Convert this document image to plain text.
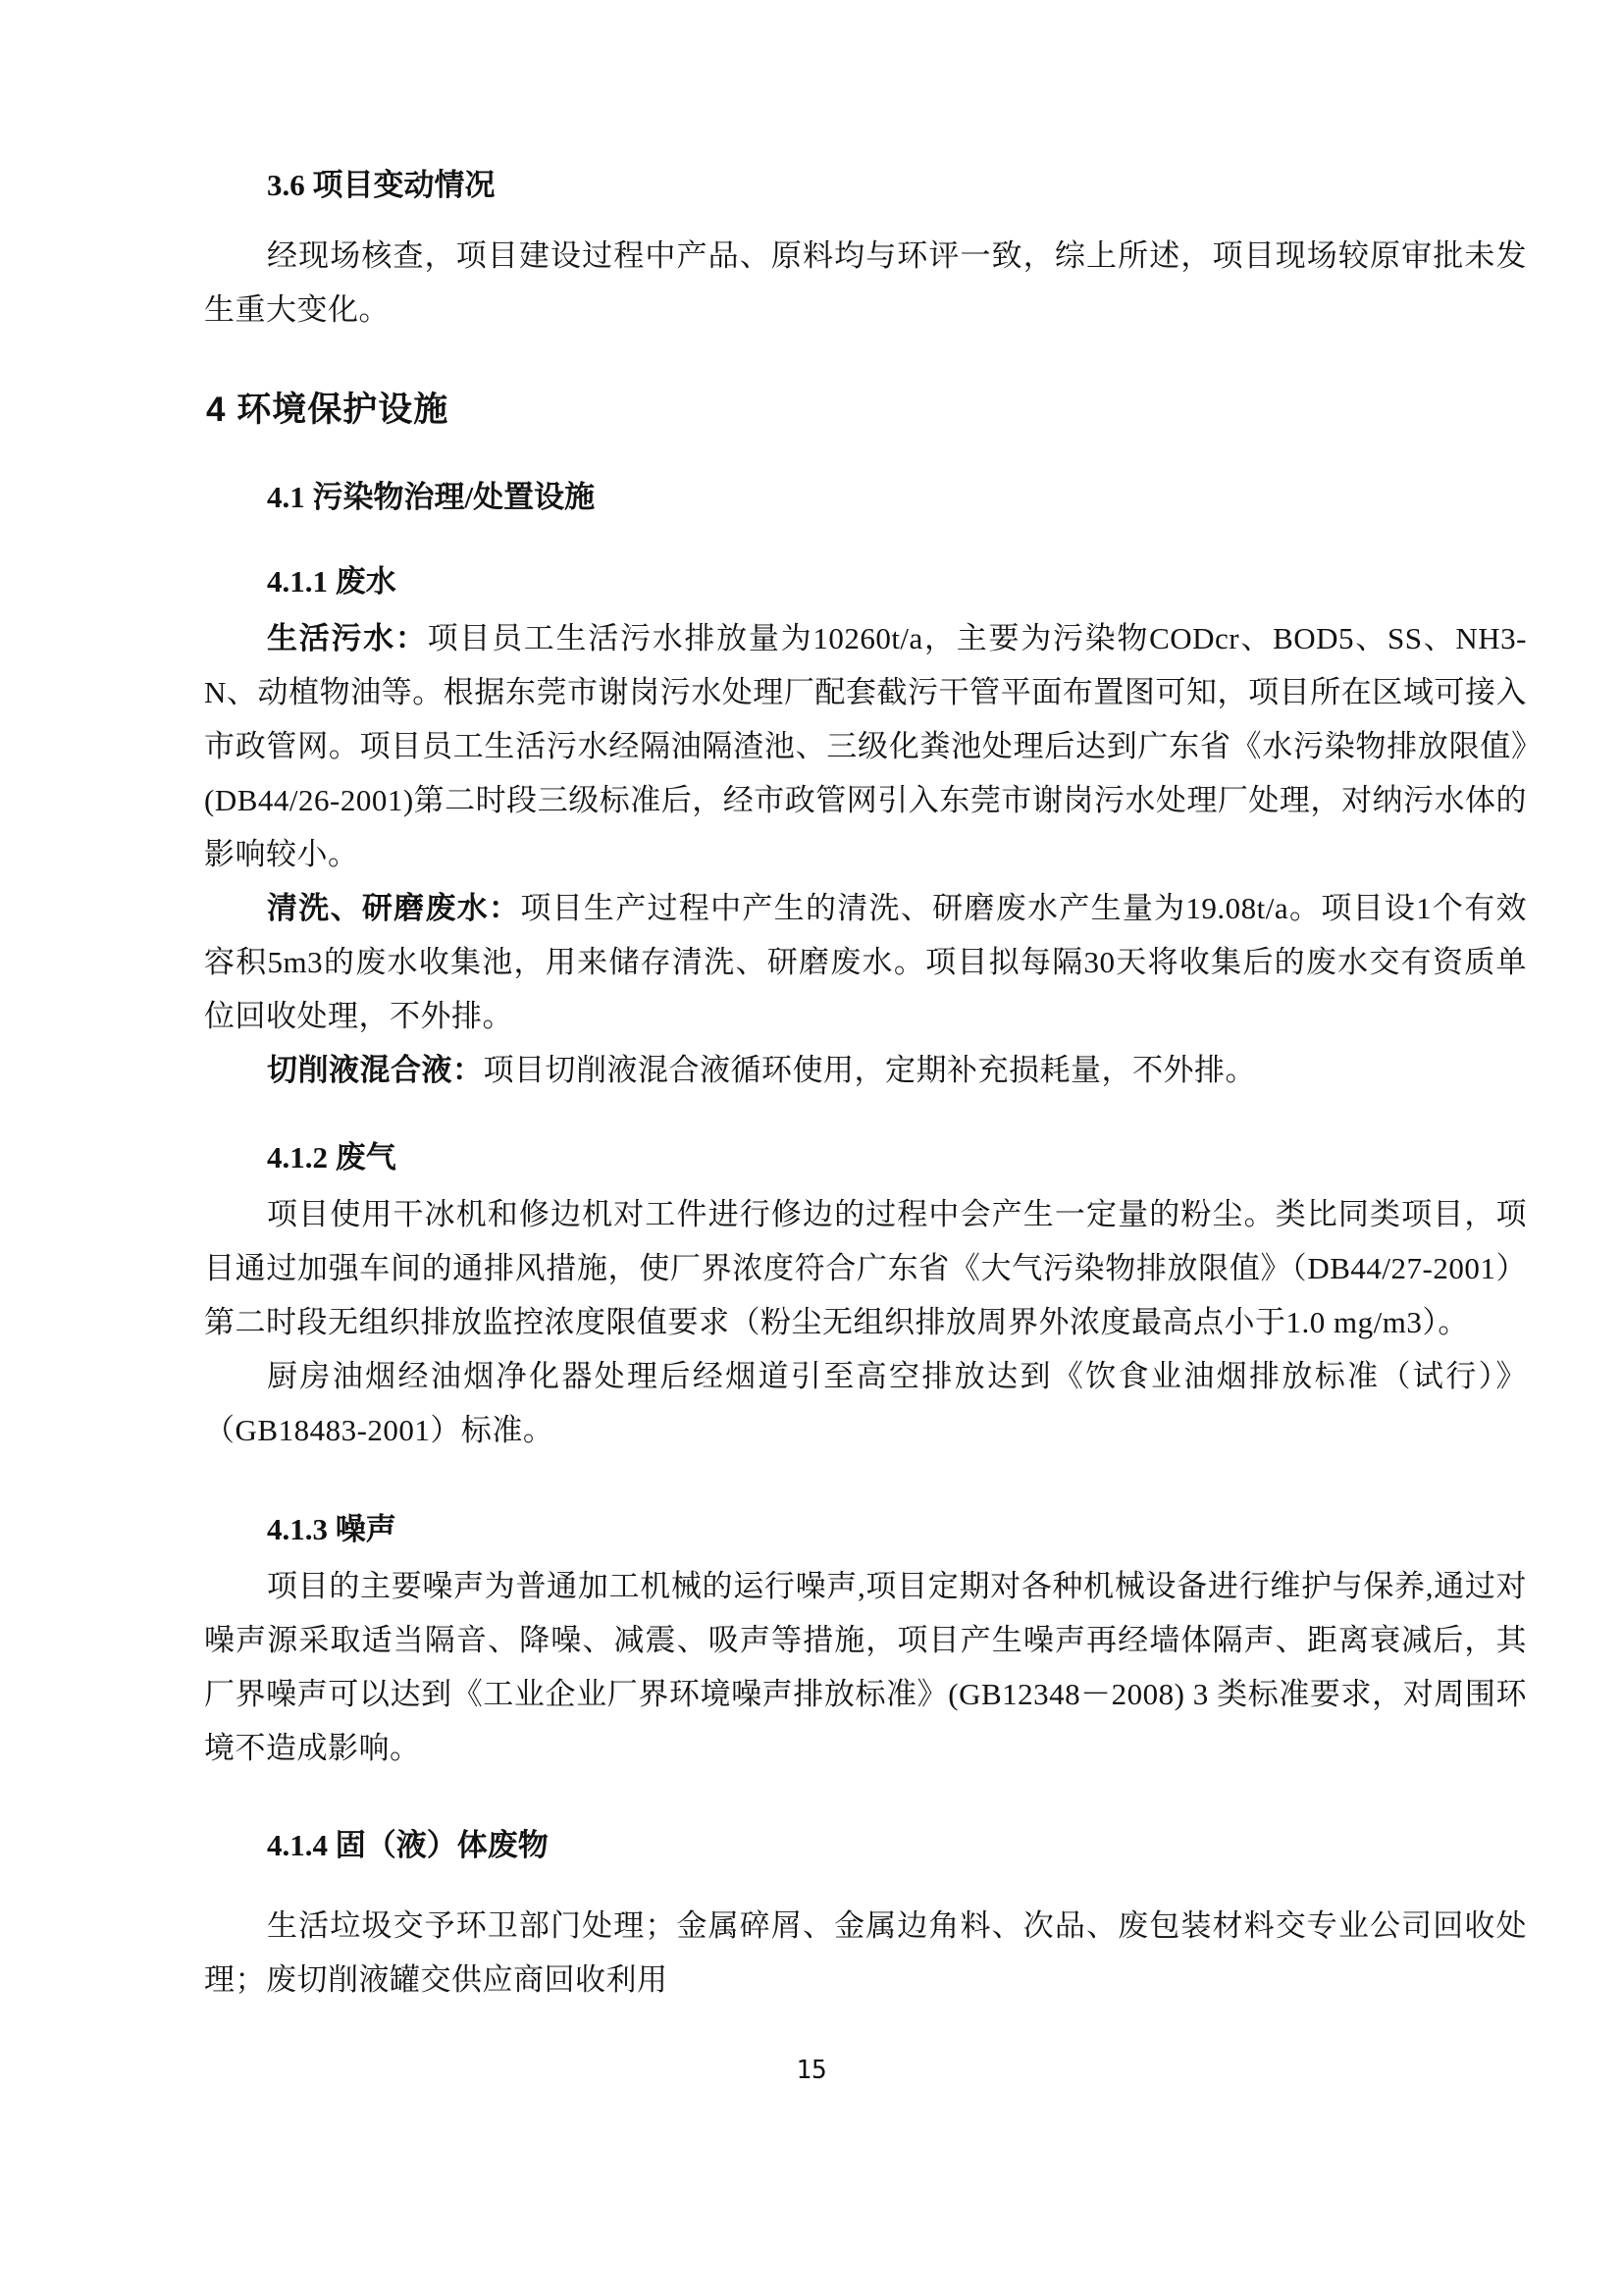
3.6 项目变动情况

经现场核查，项目建设过程中产品、原料均与环评一致，综上所述，项目现场较原审批未发生重大变化。

4 环境保护设施

4.1 污染物治理/处置设施

4.1.1 废水

生活污水：项目员工生活污水排放量为10260t/a，主要为污染物CODcr、BOD5、SS、NH3-N、动植物油等。根据东莞市谢岗污水处理厂配套截污干管平面布置图可知，项目所在区域可接入市政管网。项目员工生活污水经隔油隔渣池、三级化粪池处理后达到广东省《水污染物排放限值》(DB44/26-2001)第二时段三级标准后，经市政管网引入东莞市谢岗污水处理厂处理，对纳污水体的影响较小。

清洗、研磨废水：项目生产过程中产生的清洗、研磨废水产生量为19.08t/a。项目设1个有效容积5m3的废水收集池，用来储存清洗、研磨废水。项目拟每隔30天将收集后的废水交有资质单位回收处理，不外排。

切削液混合液：项目切削液混合液循环使用，定期补充损耗量，不外排。

4.1.2 废气

项目使用干冰机和修边机对工件进行修边的过程中会产生一定量的粉尘。类比同类项目，项目通过加强车间的通排风措施，使厂界浓度符合广东省《大气污染物排放限值》（DB44/27-2001）第二时段无组织排放监控浓度限值要求（粉尘无组织排放周界外浓度最高点小于1.0 mg/m3）。

厨房油烟经油烟净化器处理后经烟道引至高空排放达到《饮食业油烟排放标准（试行）》（GB18483-2001）标准。

4.1.3 噪声

项目的主要噪声为普通加工机械的运行噪声,项目定期对各种机械设备进行维护与保养,通过对噪声源采取适当隔音、降噪、减震、吸声等措施，项目产生噪声再经墙体隔声、距离衰减后，其厂界噪声可以达到《工业企业厂界环境噪声排放标准》(GB12348－2008) 3 类标准要求，对周围环境不造成影响。

4.1.4 固（液）体废物

生活垃圾交予环卫部门处理；金属碎屑、金属边角料、次品、废包装材料交专业公司回收处理；废切削液罐交供应商回收利用

15
